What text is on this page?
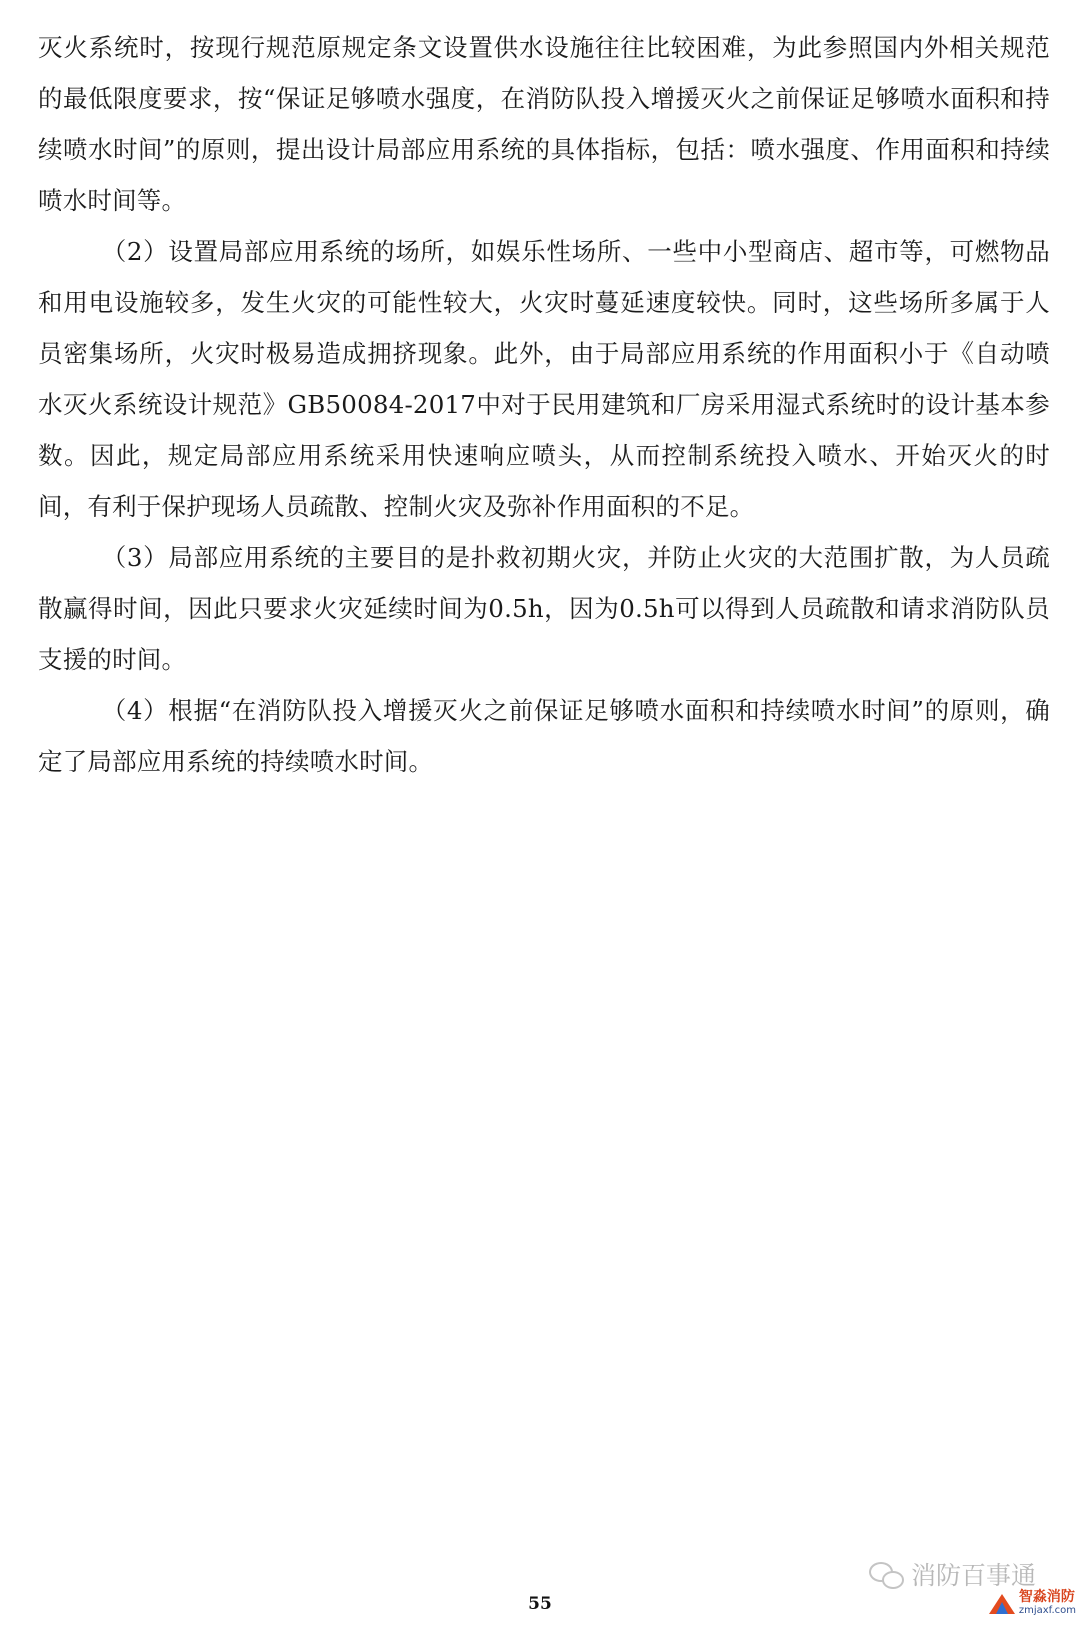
灭火系统时，按现行规范原规定条文设置供水设施往往比较困难，为此参照国内外相关规范的最低限度要求，按“保证足够喷水强度，在消防队投入增援灭火之前保证足够喷水面积和持续喷水时间”的原则，提出设计局部应用系统的具体指标，包括：喷水强度、作用面积和持续喷水时间等。

（2）设置局部应用系统的场所，如娱乐性场所、一些中小型商店、超市等，可燃物品和用电设施较多，发生火灾的可能性较大，火灾时蔓延速度较快。同时，这些场所多属于人员密集场所，火灾时极易造成拥挤现象。此外，由于局部应用系统的作用面积小于《自动喷水灭火系统设计规范》GB50084-2017中对于民用建筑和厂房采用湿式系统时的设计基本参数。因此，规定局部应用系统采用快速响应喷头，从而控制系统投入喷水、开始灭火的时间，有利于保护现场人员疏散、控制火灾及弥补作用面积的不足。

（3）局部应用系统的主要目的是扑救初期火灾，并防止火灾的大范围扩散，为人员疏散赢得时间，因此只要求火灾延续时间为0.5h，因为0.5h可以得到人员疏散和请求消防队员支援的时间。

（4）根据“在消防队投入增援灭火之前保证足够喷水面积和持续喷水时间”的原则，确定了局部应用系统的持续喷水时间。

消防百事通
55	智淼消防
zmjaxf.com
